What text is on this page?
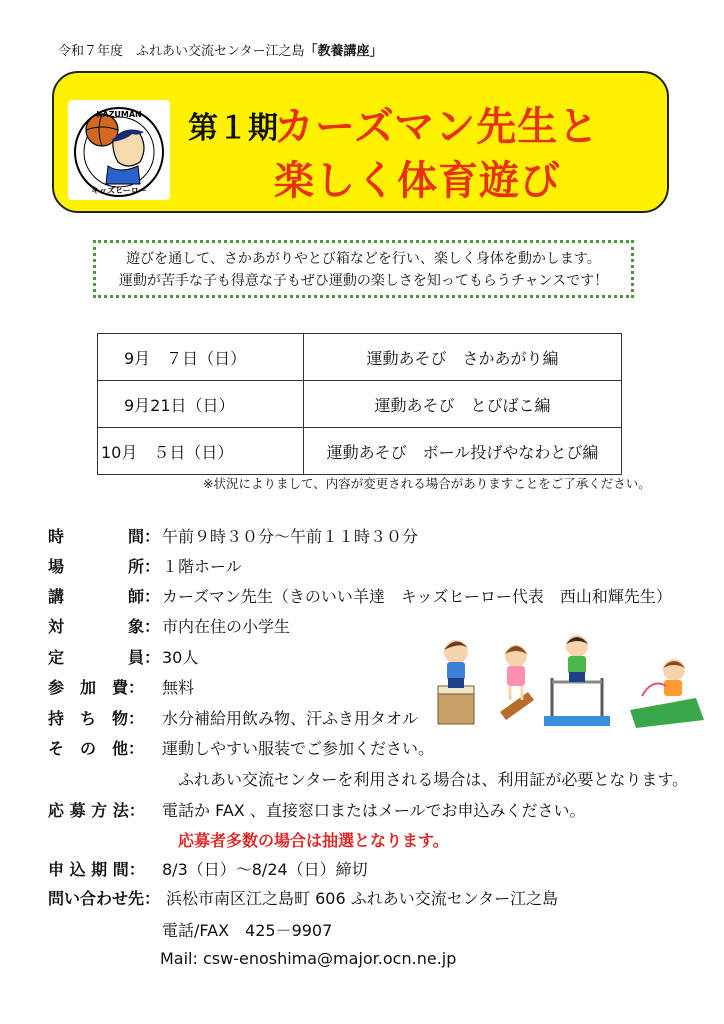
令和７年度　ふれあい交流センター江之島「教養講座」
KAZUMAN
キッズヒーロー
第１期
カーズマン先生と
楽しく体育遊び
遊びを通して、さかあがりやとび箱などを行い、楽しく身体を動かします。
運動が苦手な子も得意な子もぜひ運動の楽しさを知ってもらうチャンスです！
9月　７日（日）	運動あそび　さかあがり編
9月21日（日）	運動あそび　とびばこ編
10月　５日（日）	運動あそび　ボール投げやなわとび編
※状況によりまして、内容が変更される場合がありますことをご了承ください。
時　　　　間： 午前９時３０分～午前１１時３０分
場　　　　所： １階ホール
講　　　　師： カーズマン先生（きのいい羊達　キッズヒーロー代表　西山和輝先生）
対　　　　象： 市内在住の小学生
定　　　　員： 30人
参　加　費： 無料
持　ち　物： 水分補給用飲み物、汗ふき用タオル
そ　の　他： 運動しやすい服装でご参加ください。
ふれあい交流センターを利用される場合は、利用証が必要となります。
応 募 方 法： 電話か FAX 、直接窓口またはメールでお申込みください。
応募者多数の場合は抽選となります。
申 込 期 間： 8/3（日）～8/24（日）締切
問い合わせ先： 浜松市南区江之島町 606 ふれあい交流センター江之島
電話/FAX　425－9907
Mail: csw-enoshima@major.ocn.ne.jp
